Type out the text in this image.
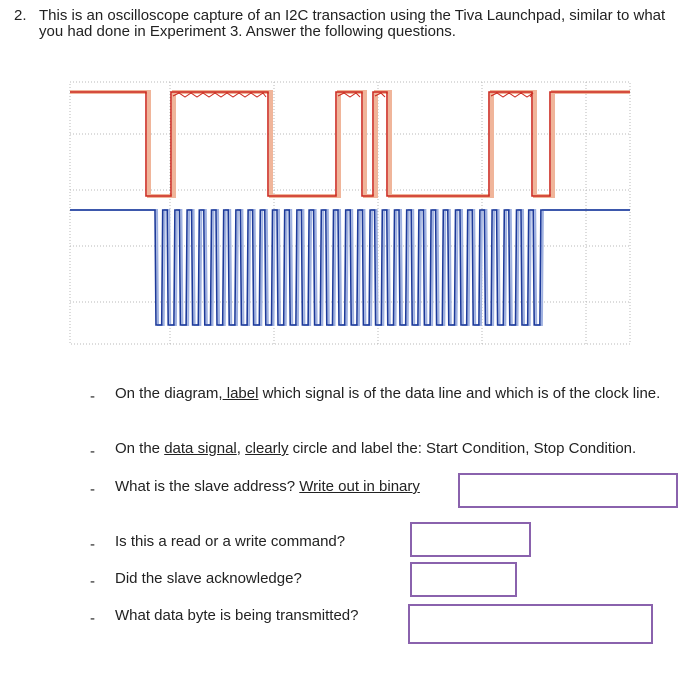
2. This is an oscilloscope capture of an I2C transaction using the Tiva Launchpad, similar to what you had done in Experiment 3. Answer the following questions.
- On the diagram, label which signal is of the data line and which is of the clock line.
- On the data signal, clearly circle and label the: Start Condition, Stop Condition.
- What is the slave address? Write out in binary
- Is this a read or a write command?
- Did the slave acknowledge?
- What data byte is being transmitted?
